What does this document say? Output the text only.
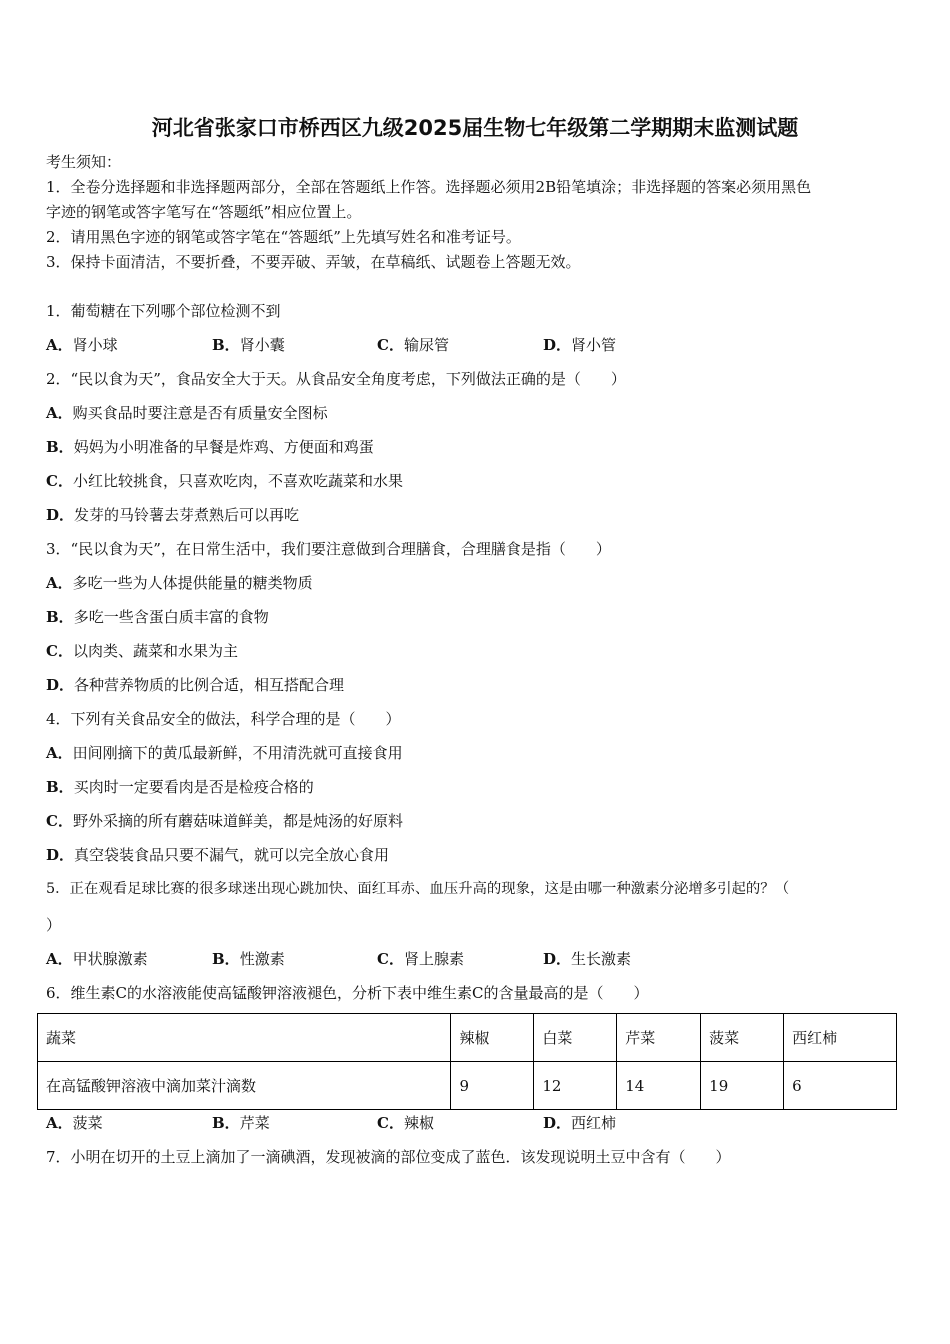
河北省张家口市桥西区九级2025届生物七年级第二学期期末监测试题
考生须知：
1．全卷分选择题和非选择题两部分，全部在答题纸上作答。选择题必须用2B铅笔填涂；非选择题的答案必须用黑色
字迹的钢笔或答字笔写在“答题纸”相应位置上。
2．请用黑色字迹的钢笔或答字笔在“答题纸”上先填写姓名和准考证号。
3．保持卡面清洁，不要折叠，不要弄破、弄皱，在草稿纸、试题卷上答题无效。
1．葡萄糖在下列哪个部位检测不到
A．肾小球	B．肾小囊	C．输尿管	D．肾小管
2．“民以食为天”，食品安全大于天。从食品安全角度考虑，下列做法正确的是（　　）
A．购买食品时要注意是否有质量安全图标
B．妈妈为小明准备的早餐是炸鸡、方便面和鸡蛋
C．小红比较挑食，只喜欢吃肉，不喜欢吃蔬菜和水果
D．发芽的马铃薯去芽煮熟后可以再吃
3．“民以食为天”，在日常生活中，我们要注意做到合理膳食，合理膳食是指（　　）
A．多吃一些为人体提供能量的糖类物质
B．多吃一些含蛋白质丰富的食物
C．以肉类、蔬菜和水果为主
D．各种营养物质的比例合适，相互搭配合理
4．下列有关食品安全的做法，科学合理的是（　　）
A．田间刚摘下的黄瓜最新鲜，不用清洗就可直接食用
B．买肉时一定要看肉是否是检疫合格的
C．野外采摘的所有蘑菇味道鲜美，都是炖汤的好原料
D．真空袋装食品只要不漏气，就可以完全放心食用
5．正在观看足球比赛的很多球迷出现心跳加快、面红耳赤、血压升高的现象，这是由哪一种激素分泌增多引起的？（
）
A．甲状腺激素	B．性激素	C．肾上腺素	D．生长激素
6．维生素C的水溶液能使高锰酸钾溶液褪色，分析下表中维生素C的含量最高的是（　　）
蔬菜	辣椒	白菜	芹菜	菠菜	西红柿
在高锰酸钾溶液中滴加菜汁滴数	9	12	14	19	6
A．菠菜	B．芹菜	C．辣椒	D．西红柿
7．小明在切开的土豆上滴加了一滴碘酒，发现被滴的部位变成了蓝色．该发现说明土豆中含有（　　）
